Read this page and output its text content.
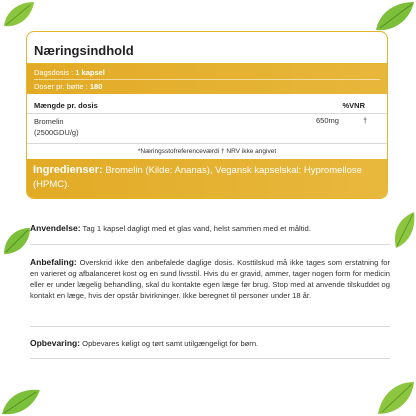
Næringsindhold
Dagsdosis : 1 kapsel
Doser pr. bøtte : 180
Mængde pr. dosis	%VNR
Bromelin
(2500GDU/g)
650mg	†
*Næringsstofreferenceværdi † NRV ikke angivet
Ingredienser: Bromelin (Kilde: Ananas), Vegansk kapselskal: Hypromellose (HPMC).
Anvendelse: Tag 1 kapsel dagligt med et glas vand, helst sammen med et måltid.
Anbefaling: Overskrid ikke den anbefalede daglige dosis. Kosttilskud må ikke tages som erstatning for en varieret og afbalanceret kost og en sund livsstil. Hvis du er gravid, ammer, tager nogen form for medicin eller er under lægelig behandling, skal du kontakte egen læge før brug. Stop med at anvende tilskuddet og kontakt en læge, hvis der opstår bivirkninger. Ikke beregnet til personer under 18 år.
Opbevaring: Opbevares køligt og tørt samt utilgængeligt for børn.
